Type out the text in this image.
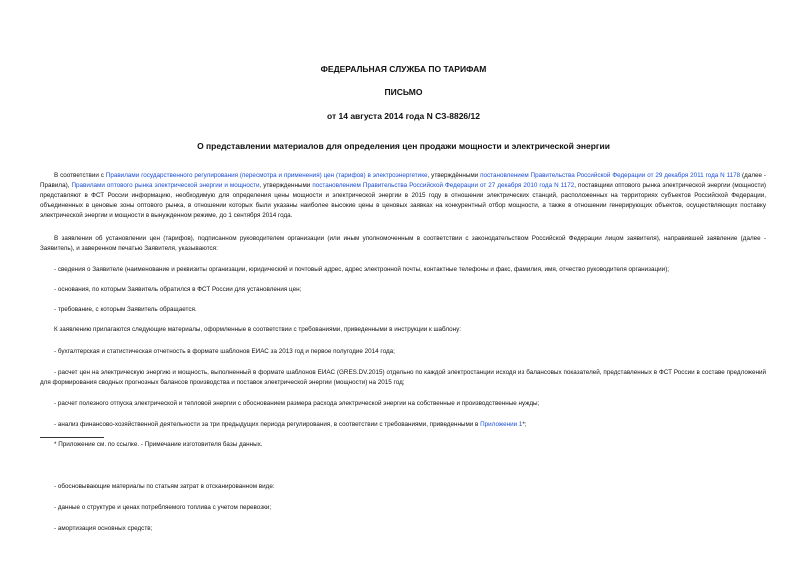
ФЕДЕРАЛЬНАЯ СЛУЖБА ПО ТАРИФАМ
ПИСЬМО
от 14 августа 2014 года N СЗ-8826/12
О представлении материалов для определения цен продажи мощности и электрической энергии
В соответствии с Правилами государственного регулирования (пересмотра и применения) цен (тарифов) в электроэнергетике, утверждёнными постановлением Правительства Российской Федерации от 29 декабря 2011 года N 1178 (далее - Правила), Правилами оптового рынка электрической энергии и мощности, утвержденными постановлением Правительства Российской Федерации от 27 декабря 2010 года N 1172, поставщики оптового рынка электрической энергии (мощности) представляют в ФСТ России информацию, необходимую для определения цены мощности и электрической энергии в 2015 году в отношении электрических станций, расположенных на территориях субъектов Российской Федерации, объединенных в ценовые зоны оптового рынка, в отношении которых были указаны наиболее высокие цены в ценовых заявках на конкурентный отбор мощности, а также в отношении генерирующих объектов, осуществляющих поставку электрической энергии и мощности в вынужденном режиме, до 1 сентября 2014 года.
В заявлении об установлении цен (тарифов), подписанном руководителем организации (или иным уполномоченным в соответствии с законодательством Российской Федерации лицом заявителя), направившей заявление (далее - Заявитель), и заверенном печатью Заявителя, указываются:
- сведения о Заявителе (наименование и реквизиты организации, юридический и почтовый адрес, адрес электронной почты, контактные телефоны и факс, фамилия, имя, отчество руководителя организации);
- основания, по которым Заявитель обратился в ФСТ России для установления цен;
- требование, с которым Заявитель обращается.
К заявлению прилагаются следующие материалы, оформленные в соответствии с требованиями, приведенными в инструкции к шаблону:
- бухгалтерская и статистическая отчетность в формате шаблонов ЕИАС за 2013 год и первое полугодие 2014 года;
- расчет цен на электрическую энергию и мощность, выполненный в формате шаблонов ЕИАС (GRES.DV.2015) отдельно по каждой электростанции исходя из балансовых показателей, представленных в ФСТ России в составе предложений для формирования сводных прогнозных балансов производства и поставок электрической энергии (мощности) на 2015 год;
- расчет полезного отпуска электрической и тепловой энергии с обоснованием размера расхода электрической энергии на собственные и производственные нужды;
- анализ финансово-хозяйственной деятельности за три предыдущих периода регулирования, в соответствии с требованиями, приведенными в Приложении 1*;
* Приложение см. по ссылке. - Примечание изготовителя базы данных.
- обосновывающие материалы по статьям затрат в отсканированном виде:
- данные о структуре и ценах потребляемого топлива с учетом перевозки;
- амортизация основных средств;
